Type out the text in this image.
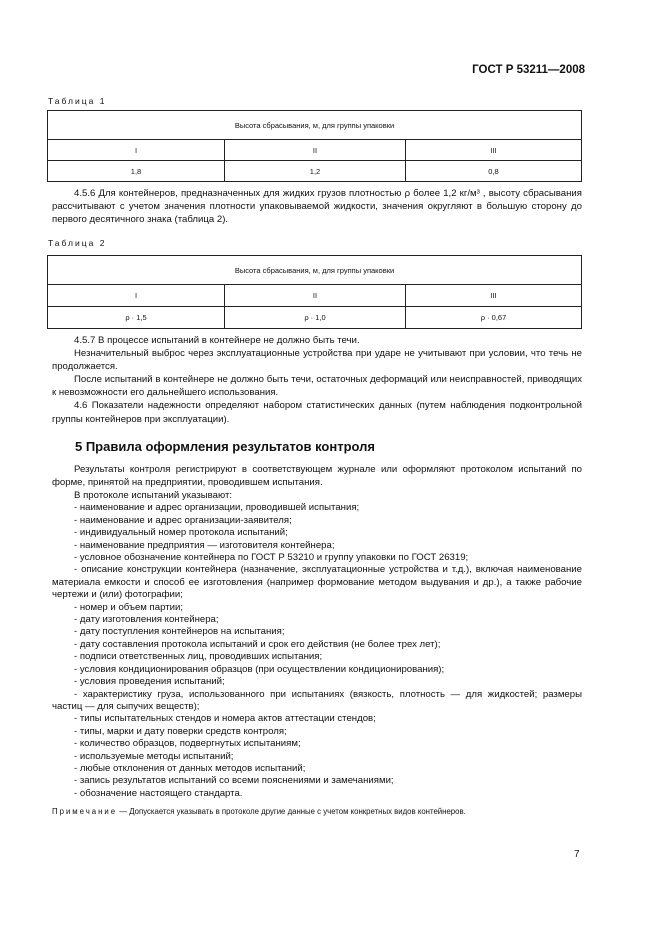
ГОСТ Р 53211—2008
Таблица 1
Высота сбрасывания, м, для группы упаковки		
I	II	III
1,8	1,2	0,8
4.5.6 Для контейнеров, предназначенных для жидких грузов плотностью ρ более 1,2 кг/м³ , высоту сбрасывания рассчитывают с учетом значения плотности упаковываемой жидкости, значения округляют в большую сторону до первого десятичного знака (таблица 2).
Таблица 2
Высота сбрасывания, м, для группы упаковки		
I	II	III
ρ · 1,5	ρ · 1,0	ρ · 0,67
4.5.7 В процессе испытаний в контейнере не должно быть течи.
Незначительный выброс через эксплуатационные устройства при ударе не учитывают при условии, что течь не продолжается.
После испытаний в контейнере не должно быть течи, остаточных деформаций или неисправностей, приводящих к невозможности его дальнейшего использования.
4.6 Показатели надежности определяют набором статистических данных (путем наблюдения подконтрольной группы контейнеров при эксплуатации).
5 Правила оформления результатов контроля
Результаты контроля регистрируют в соответствующем журнале или оформляют протоколом испытаний по форме, принятой на предприятии, проводившем испытания.
В протоколе испытаний указывают:
- наименование и адрес организации, проводившей испытания;
- наименование и адрес организации-заявителя;
- индивидуальный номер протокола испытаний;
- наименование предприятия — изготовителя контейнера;
- условное обозначение контейнера по ГОСТ Р 53210 и группу упаковки по ГОСТ 26319;
- описание конструкции контейнера (назначение, эксплуатационные устройства и т.д.), включая наименование материала емкости и способ ее изготовления (например формование методом выдувания и др.), а также рабочие чертежи и (или) фотографии;
- номер и объем партии;
- дату изготовления контейнера;
- дату поступления контейнеров на испытания;
- дату составления протокола испытаний и срок его действия (не более трех лет);
- подписи ответственных лиц, проводивших испытания;
- условия кондиционирования образцов (при осуществлении кондиционирования);
- условия проведения испытаний;
- характеристику груза, использованного при испытаниях (вязкость, плотность — для жидкостей; размеры частиц — для сыпучих веществ);
- типы испытательных стендов и номера актов аттестации стендов;
- типы, марки и дату поверки средств контроля;
- количество образцов, подвергнутых испытаниям;
- используемые методы испытаний;
- любые отклонения от данных методов испытаний;
- запись результатов испытаний со всеми пояснениями и замечаниями;
- обозначение настоящего стандарта.
Примечание — Допускается указывать в протоколе другие данные с учетом конкретных видов контейнеров.
7
